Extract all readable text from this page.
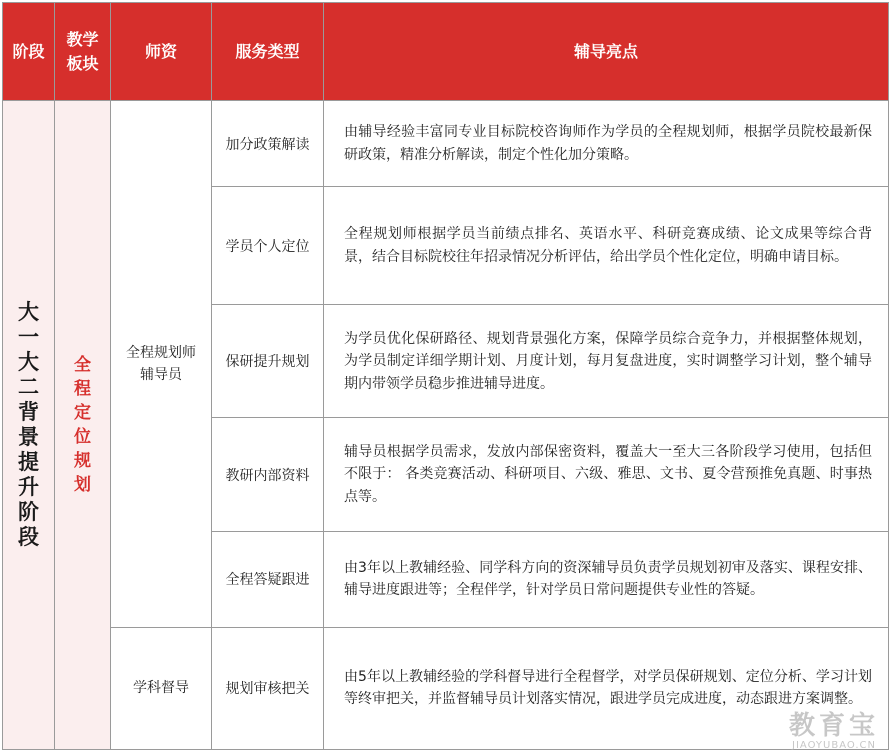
阶段	教学板块	师资	服务类型	辅导亮点
大一大二背景提升阶段	全程定位规划	全程规划师辅导员	加分政策解读	由辅导经验丰富同专业目标院校咨询师作为学员的全程规划师，根据学员院校最新保研政策，精准分析解读，制定个性化加分策略。
			学员个人定位	全程规划师根据学员当前绩点排名、英语水平、科研竞赛成绩、论文成果等综合背景，结合目标院校往年招录情况分析评估，给出学员个性化定位，明确申请目标。
			保研提升规划	为学员优化保研路径、规划背景强化方案，保障学员综合竞争力，并根据整体规划，为学员制定详细学期计划、月度计划，每月复盘进度，实时调整学习计划，整个辅导期内带领学员稳步推进辅导进度。
			教研内部资料	辅导员根据学员需求，发放内部保密资料，覆盖大一至大三各阶段学习使用，包括但不限于： 各类竞赛活动、科研项目、六级、雅思、文书、夏令营预推免真题、时事热点等。
			全程答疑跟进	由3年以上教辅经验、同学科方向的资深辅导员负责学员规划初审及落实、课程安排、辅导进度跟进等；全程伴学，针对学员日常问题提供专业性的答疑。
		学科督导	规划审核把关	由5年以上教辅经验的学科督导进行全程督学，对学员保研规划、定位分析、学习计划等终审把关，并监督辅导员计划落实情况，跟进学员完成进度，动态跟进方案调整。
教育宝
JIAOYUBAO.CN
